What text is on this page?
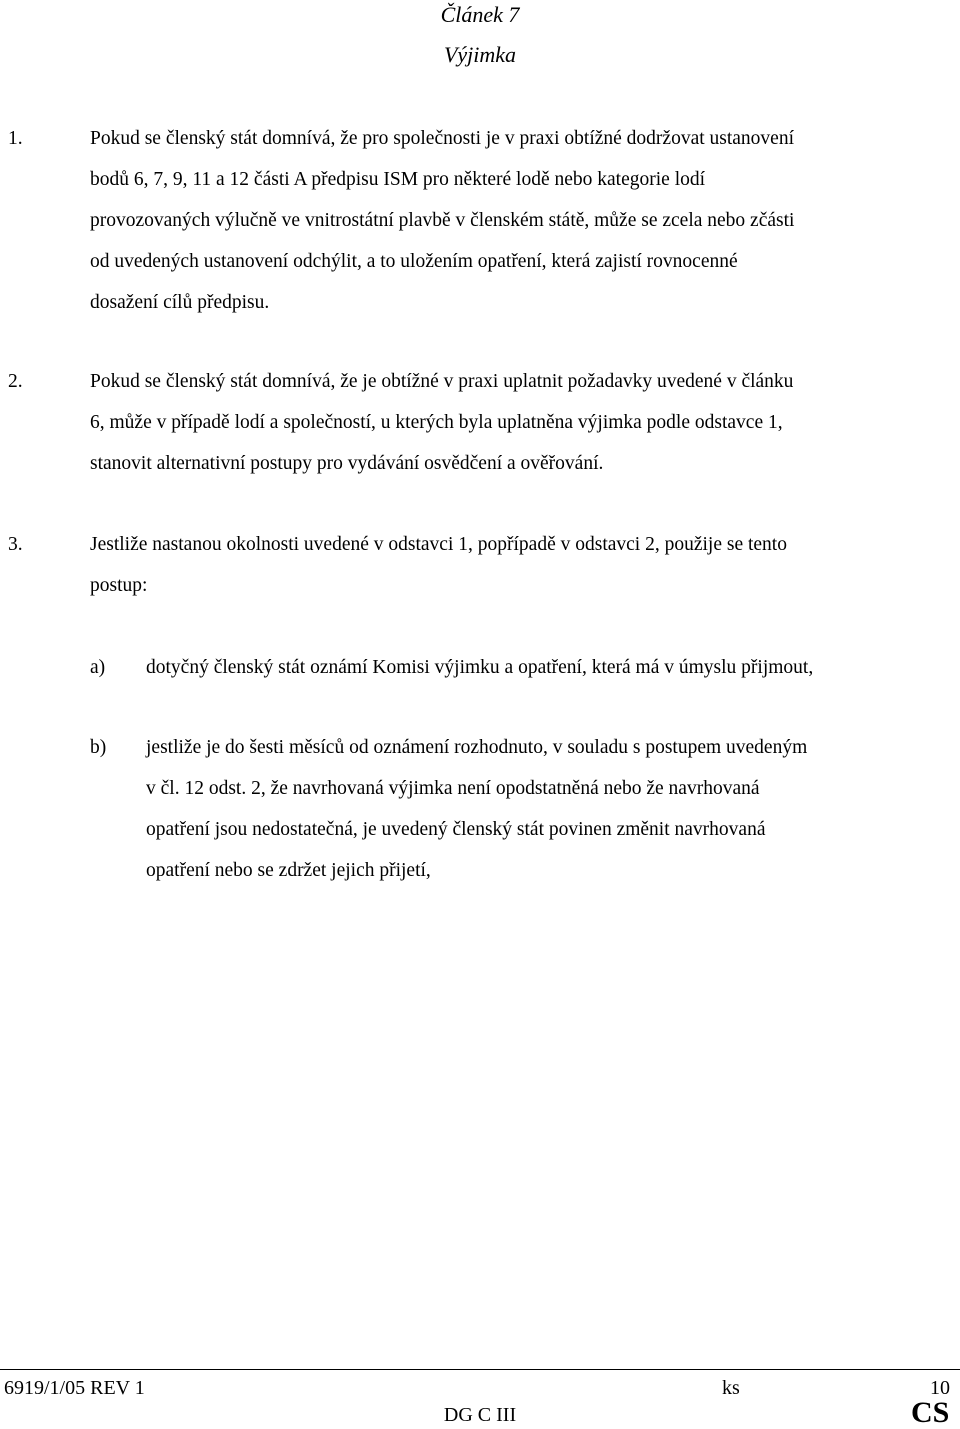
Článek 7
Výjimka
1.	Pokud se členský stát domnívá, že pro společnosti je v praxi obtížné dodržovat ustanovení
bodů 6, 7, 9, 11 a 12 části A předpisu ISM pro některé lodě nebo kategorie lodí
provozovaných výlučně ve vnitrostátní plavbě v členském státě, může se zcela nebo zčásti
od uvedených ustanovení odchýlit, a to uložením opatření, která zajistí rovnocenné
dosažení cílů předpisu.
2.	Pokud se členský stát domnívá, že je obtížné v praxi uplatnit požadavky uvedené v článku
6, může v případě lodí a společností, u kterých byla uplatněna výjimka podle odstavce 1,
stanovit alternativní postupy pro vydávání osvědčení a ověřování.
3.	Jestliže nastanou okolnosti uvedené v odstavci 1, popřípadě v odstavci 2, použije se tento
postup:
a) dotyčný členský stát oznámí Komisi výjimku a opatření, která má v úmyslu přijmout,
b) jestliže je do šesti měsíců od oznámení rozhodnuto, v souladu s postupem uvedeným
v čl. 12 odst. 2, že navrhovaná výjimka není opodstatněná nebo že navrhovaná
opatření jsou nedostatečná, je uvedený členský stát povinen změnit navrhovaná
opatření nebo se zdržet jejich přijetí,
6919/1/05 REV 1	ks	10
DG C III	CS
